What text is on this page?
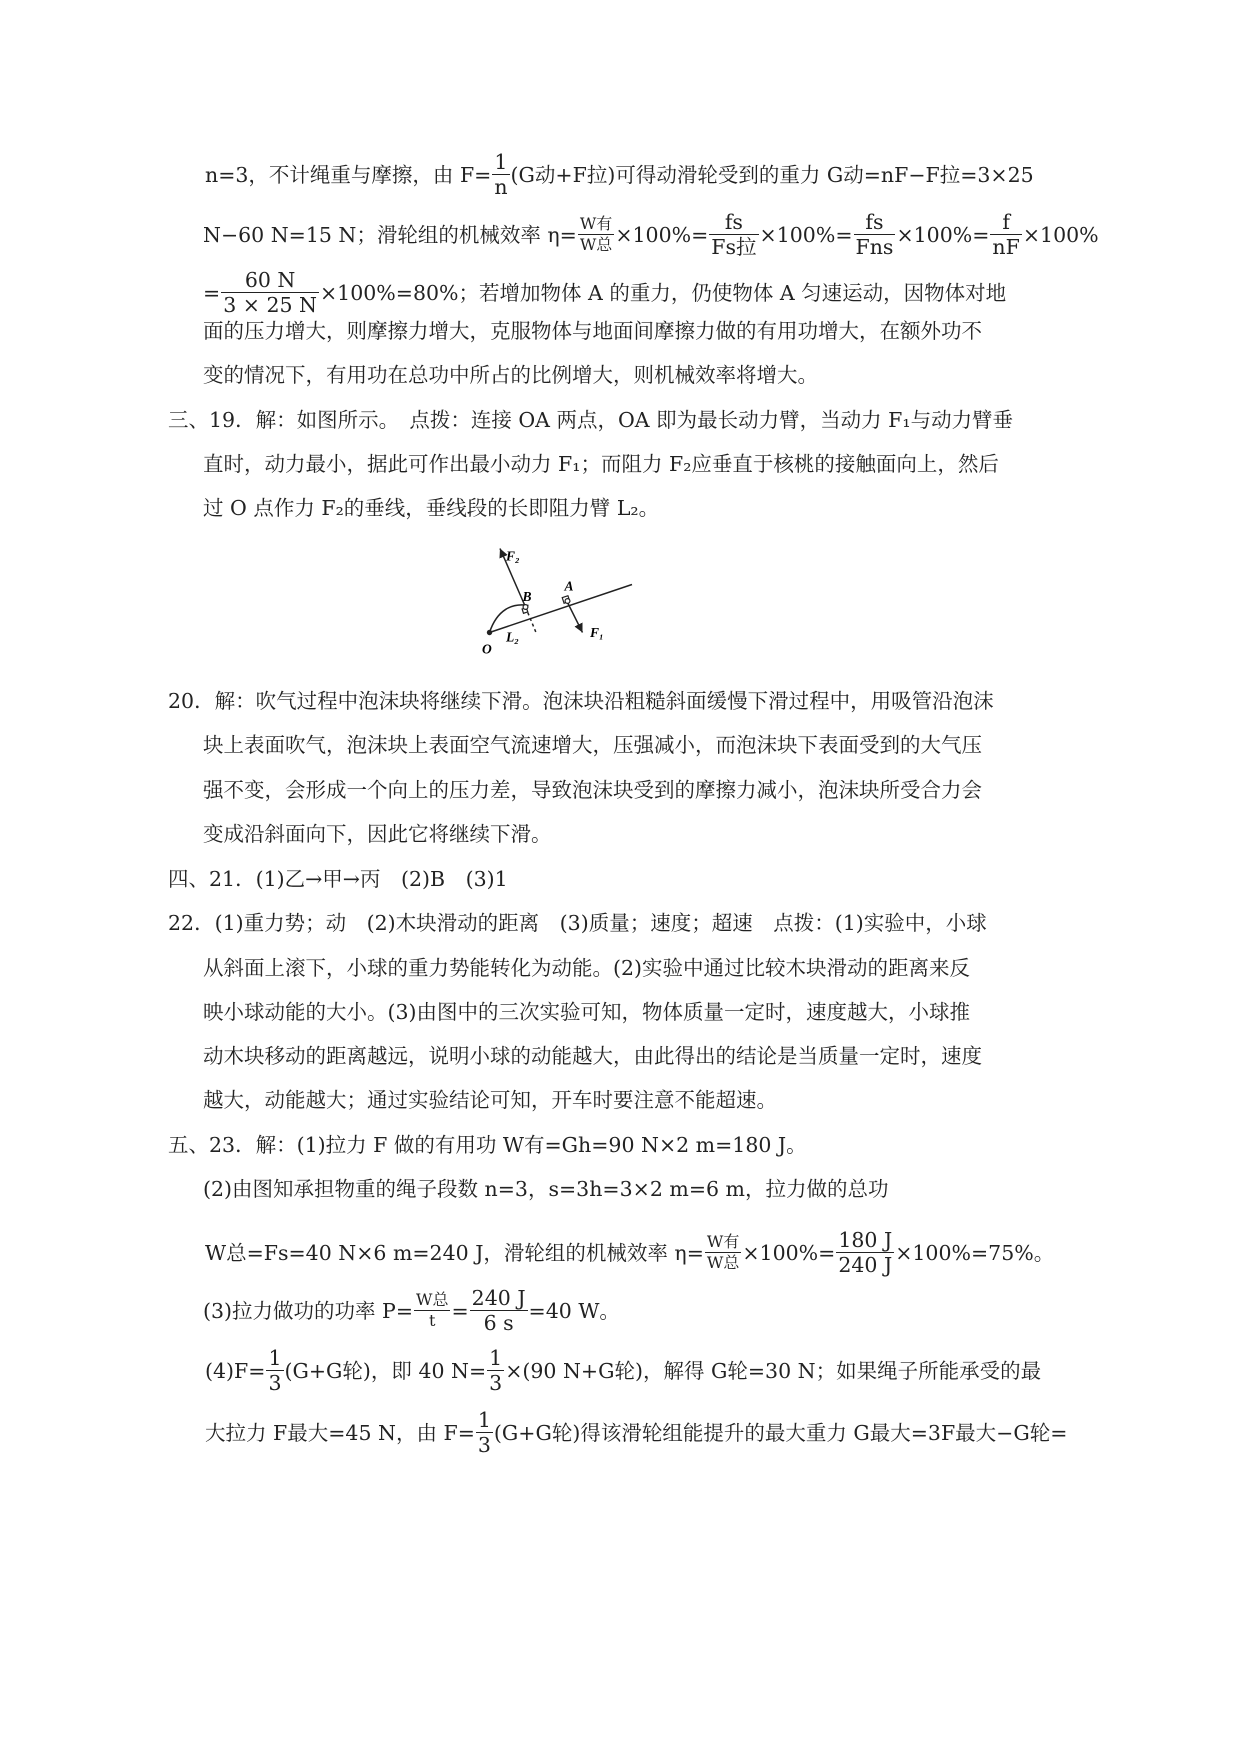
n=3，不计绳重与摩擦，由 $F= \frac{1}{n} (G$动+F拉)可得动滑轮受到的重力 G动=nF−F拉=3×25
N−60 N=15 N；滑轮组的机械效率 $\eta= \frac{\text{W有}}{\text{W总}} \times 100\%= \frac{fs}{\text{Fs拉}} \times 100\%= \frac{fs}{\text{Fns}} \times 100\%= \frac{f}{nF} \times 100\%$
= $\frac{60 N}{3 \times 25 N} \times 100\%=80\%$；若增加物体 A 的重力，仍使物体 A 匀速运动，因物体对地
面的压力增大，则摩擦力增大，克服物体与地面间摩擦力做的有用功增大，在额外功不
变的情况下，有用功在总功中所占的比例增大，则机械效率将增大。
三、19．解：如图所示。　点拨：连接 OA 两点，OA 即为最长动力臂，当动力 F₁与动力臂垂
直时，动力最小，据此可作出最小动力 F₁；而阻力 F₂应垂直于核桃的接触面向上，然后
过 O 点作力 F₂的垂线，垂线段的长即阻力臂 L₂。
F₂
B
A
F₁
L₂
O
20．解：吹气过程中泡沫块将继续下滑。泡沫块沿粗糙斜面缓慢下滑过程中，用吸管沿泡沫
块上表面吹气，泡沫块上表面空气流速增大，压强减小，而泡沫块下表面受到的大气压
强不变，会形成一个向上的压力差，导致泡沫块受到的摩擦力减小，泡沫块所受合力会
变成沿斜面向下，因此它将继续下滑。
四、21．(1)乙→甲→丙　(2)B　(3)1
22．(1)重力势；动　(2)木块滑动的距离　(3)质量；速度；超速　点拨：(1)实验中，小球
从斜面上滚下，小球的重力势能转化为动能。(2)实验中通过比较木块滑动的距离来反
映小球动能的大小。(3)由图中的三次实验可知，物体质量一定时，速度越大，小球推
动木块移动的距离越远，说明小球的动能越大，由此得出的结论是当质量一定时，速度
越大，动能越大；通过实验结论可知，开车时要注意不能超速。
五、23．解：(1)拉力 F 做的有用功 W有=Gh=90 N×2 m=180 J。
(2)由图知承担物重的绳子段数 n=3，s=3h=3×2 m=6 m，拉力做的总功
W总=Fs=40 N×6 m=240 J，滑轮组的机械效率 $\eta= \frac{\text{W有}}{\text{W总}} \times 100\%= \frac{180 J}{240 J} \times 100\%=75\%$。
(3)拉力做功的功率 $P= \frac{\text{W总}}{t} = \frac{240 J}{6 s} =40$ W。
$(4)F= \frac{1}{3} (G+G$轮)，即 40 $N= \frac{1}{3} \times(90$ N+G轮)，解得 G轮=30 N；如果绳子所能承受的最
大拉力 F最大=45 N，由 $F= \frac{1}{3} (G+G$轮)得该滑轮组能提升的最大重力 G最大=3F最大−G轮=
